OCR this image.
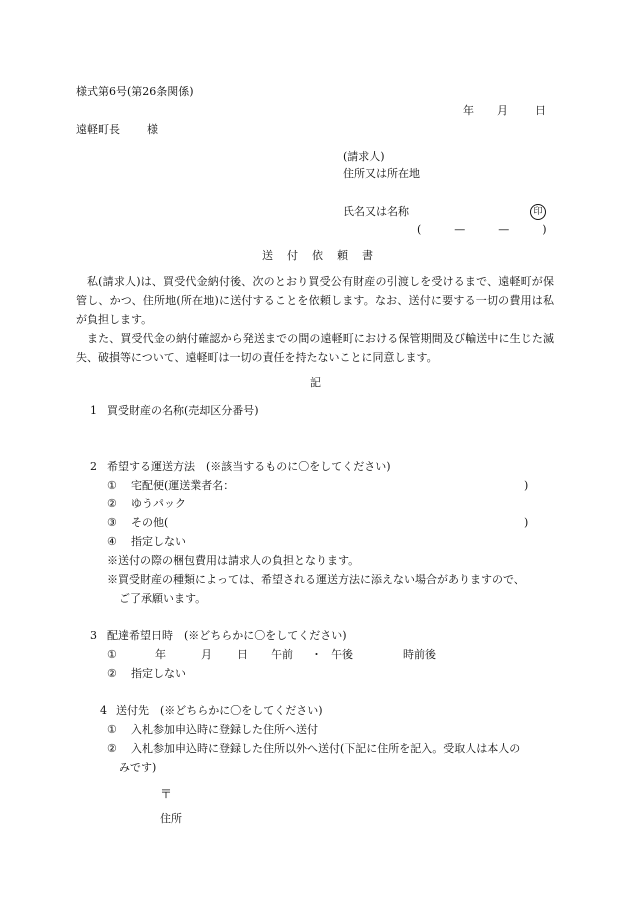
様式第6号(第26条関係)
年 月 日
遠軽町長 様
(請求人)
住所又は所在地
氏名又は名称	印
(　　　—　　　—　　　)
送付依頼書
私(請求人)は、買受代金納付後、次のとおり買受公有財産の引渡しを受けるまで、遠軽町が保管し、かつ、住所地(所在地)に送付することを依頼します。なお、送付に要する一切の費用は私が負担します。
また、買受代金の納付確認から発送までの間の遠軽町における保管期間及び輸送中に生じた滅失、破損等について、遠軽町は一切の責任を持たないことに同意します。
記
1 買受財産の名称(売却区分番号)
2 希望する運送方法　(※該当するものに〇をしてください)
① 宅配便(運送業者名：	)
② ゆうパック
③ その他(	)
④ 指定しない
※送付の際の梱包費用は請求人の負担となります。
※買受財産の種類によっては、希望される運送方法に添えない場合がありますので、
ご了承願います。
3 配達希望日時　(※どちらかに〇をしてください)
①	年	月 日 午前 ・ 午後	時前後
② 指定しない
4 送付先　(※どちらかに〇をしてください)
① 入札参加申込時に登録した住所へ送付
② 入札参加申込時に登録した住所以外へ送付(下記に住所を記入。受取人は本人の
みです)
〒
住所
